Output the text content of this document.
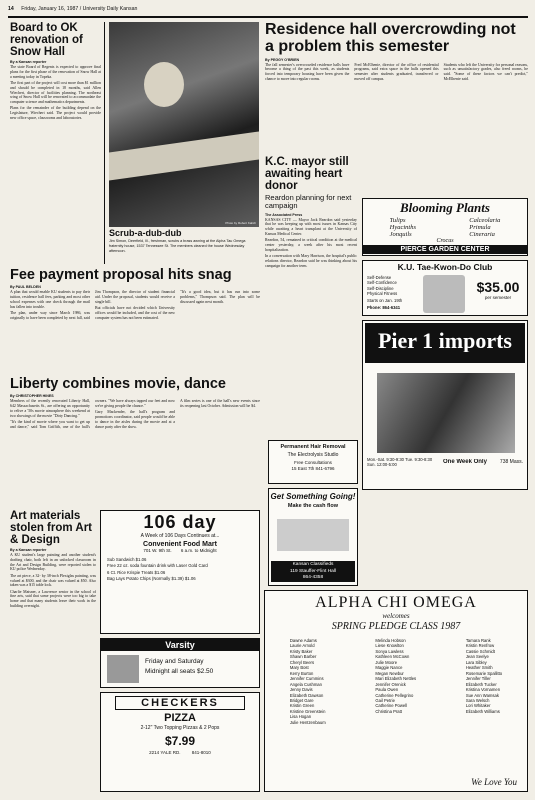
14 Friday, January 16, 1987 / University Daily Kansan
Board to OK renovation of Snow Hall
By a Kansan reporter

The state Board of Regents is expected to approve final plans for the first phase of the renovation of Snow Hall at a meeting today in Topeka.

The first part of the project will cost more than $1 million and should be completed in 18 months, said Allen Wiechert, director of facilities planning. The northeast wing of Snow Hall will be renovated to accommodate the computer science and mathematics departments.

Plans for the remainder of the building depend on the Legislature, Wiechert said. The project would provide new office space, classrooms and laboratories.

Photo by Robert Kalich
Scrub-a-dub-dub
Jim Simon, Deerfield, Ill., freshman, scrubs a brass awning at the Alpha Tau Omega fraternity house, 1537 Tennessee St. The members cleaned the house Wednesday afternoon.
Residence hall overcrowding not a problem this semester
By PEGGY O'BRIEN

The fall semester's overcrowded residence halls have become a thing of the past this week, as students forced into temporary housing have been given the chance to move into regular rooms.

Fred McElhenie, director of the office of residential programs, said extra space in the halls opened this semester after students graduated, transferred or moved off campus.

Students who left the University for personal reasons, such as unsatisfactory grades, also freed rooms, he said. "Some of these factors we can't predict," McElhenie said.

K.C. mayor still awaiting heart donor
Reardon planning for next campaign
The Associated Press

KANSAS CITY — Mayor Jack Reardon said yesterday that he was keeping up with most issues in Kansas City while awaiting a heart transplant at the University of Kansas Medical Center.

Reardon, 54, remained in critical condition at the medical center yesterday, a week after his most recent hospitalization.

In a conversation with Mary Harrison, the hospital's public relations director, Reardon said he was thinking about his campaign for another term.

Blooming Plants
Tulips
Hyacinths
Jonquils
Calceolaria
Primula
Cineraria
Crocus
PIERCE GARDEN CENTER
K.U. Tae-Kwon-Do Club
Self-Defense
Self-Confidence
Self-Discipline
Physical Fitness
Starts on Jan. 19th
Phone: 864-6341
$35.00
per semester
Fee payment proposal hits snag
By PAUL BELDEN

A plan that would enable KU students to pay their tuition, residence hall fees, parking and most other school expenses with one check through the mail has fallen into trouble.

The plan, under way since March 1986, was originally to have been completed by next fall, said Jim Thompson, the director of student financial aid. Under the proposal, students would receive a single bill.

But officials have not decided which University offices would be included, and the cost of the new computer system has not been estimated.

"It's a good idea, but it has run into some problems," Thompson said. The plan will be discussed again next month.

Pier 1 imports
Mon.-Sat. 9:30-9:30 Tue. 9:30-8:30 Sun. 12:00-5:00	One Week Only	738 Mass.
Liberty combines movie, dance
By CHRISTOPHER HINES

Members of the recently renovated Liberty Hall, 642 Massachusetts St., are offering an opportunity to relive a '50s movie atmosphere this weekend at two showings of the movie "Dirty Dancing."

"It's the kind of movie where you want to get up and dance," said Tom Griffith, one of the hall's owners. "We have always tapped our feet and now we're giving people the chance."

Gary Mackender, the hall's program and promotions coordinator, said people would be able to dance in the aisles during the movie and at a dance party after the show.

A film series is one of the hall's new events since its reopening last October. Admission will be $4.

Permanent Hair Removal
The Electrolysis Studio
Free Consultations
15 East 7th 841-6796
Get Something Going!
Make the cash flow
Kansan Classifieds
119 Stauffer-Flint Hall
864-4358
Art materials stolen from Art & Design
By a Kansan reporter

A KU student's large painting and another student's drafting chair, both left in an unlocked classroom in the Art and Design Building, were reported stolen to KU police Wednesday.

The art piece, a 32- by 38-inch Plexiglas painting, was valued at $300, and the chair was valued at $50. Also taken was a $15 table lock.

Charlie Maisner, a Lawrence senior in the school of fine arts, said that some projects were too big to take home and that many students leave their work in the building overnight.

106 day
A Week of 106 Days Continues at...
Convenient Food Mart
701 W. 9th St. 6 a.m. to Midnight
Sub Sandwich $1.06
Free 22 oz. soda fountain drink with Laser Gold Card
6 Ct. Rice Krispie Treats $1.06
Bag Lays Potato Chips (Normally $1.39) $1.06
Varsity
Friday and Saturday
Midnight all seats $2.50
CHECKERS
PIZZA
2-12" Two Topping Pizzas & 2 Pops
$7.99
2214 YALE RD.	841-8010
ALPHA CHI OMEGA
welcomes
SPRING PLEDGE CLASS 1987
Dawne Adams
Laurie Arnold
Kristy Baker
Shawn Barber
Cheryl Beers
Mary Bost
Kerry Burton
Jennifer Cummins
Angela Cushman
Jenny Davis
Elizabeth Dawson
Bridget Gare
Kristin Green
Kristine Greenstein
Lisa Hogan
Julie Hentzenbaum
Melinda Hobson
Liese Knowlton
Sonya Lawless
Kathleen McCown
Julie Moore
Maggie Nance
Megan Newbur
Mari Elizabeth Nettles
Jennifer Orenick
Paula Owen
Catherine Pellegrino
Gail Petrie
Catherine Powell
Christina Pratt
Tamara Rank
Kristin Renfrow
Cassie Schmidt
Jean Seelye
Lara Sibley
Heather Smith
Rosemarie Spallitto
Jennifer Tiller
Elizabeth Tucker
Kristina Vornamen
Sue Ann Wamsak
Sara Welsch
Lori Whitaker
Elizabeth Williams
We Love You
